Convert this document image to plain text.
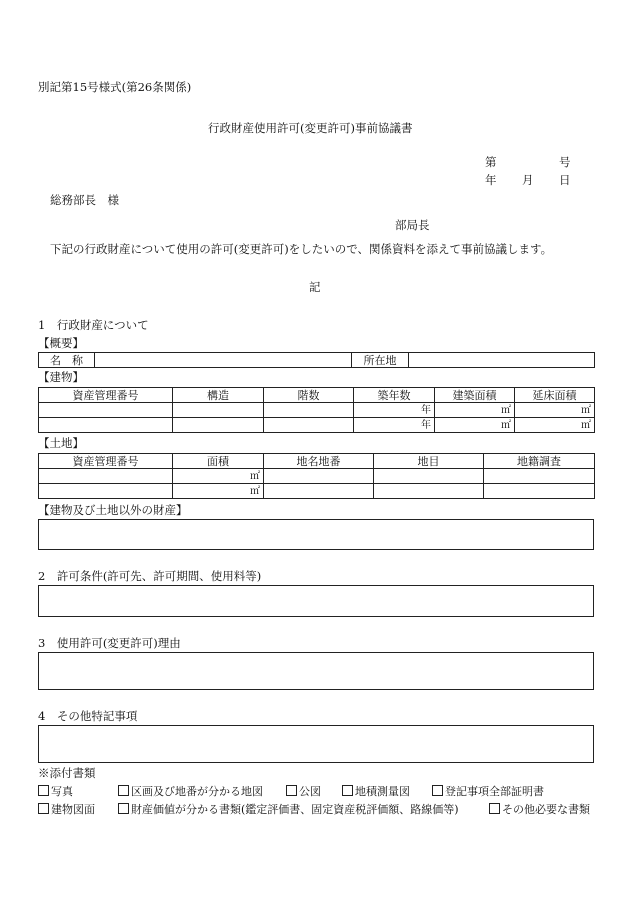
別記第15号様式(第26条関係)
行政財産使用許可(変更許可)事前協議書
第	号
年 月 日
総務部長　様
部局長
下記の行政財産について使用の許可(変更許可)をしたいので、関係資料を添えて事前協議します。
記
1　行政財産について
【概要】
名　称		所在地	
【建物】
資産管理番号	構造	階数	築年数	建築面積	延床面積
			年	㎡	㎡
			年	㎡	㎡
【土地】
資産管理番号	面積	地名地番	地目	地籍調査
	㎡			
	㎡			
【建物及び土地以外の財産】
2　許可条件(許可先、許可期間、使用料等)
3　使用許可(変更許可)理由
4　その他特記事項
※添付書類
写真	区画及び地番が分かる地図	公図	地積測量図	登記事項全部証明書
建物図面	財産価値が分かる書類(鑑定評価書、固定資産税評価額、路線価等)	その他必要な書類
